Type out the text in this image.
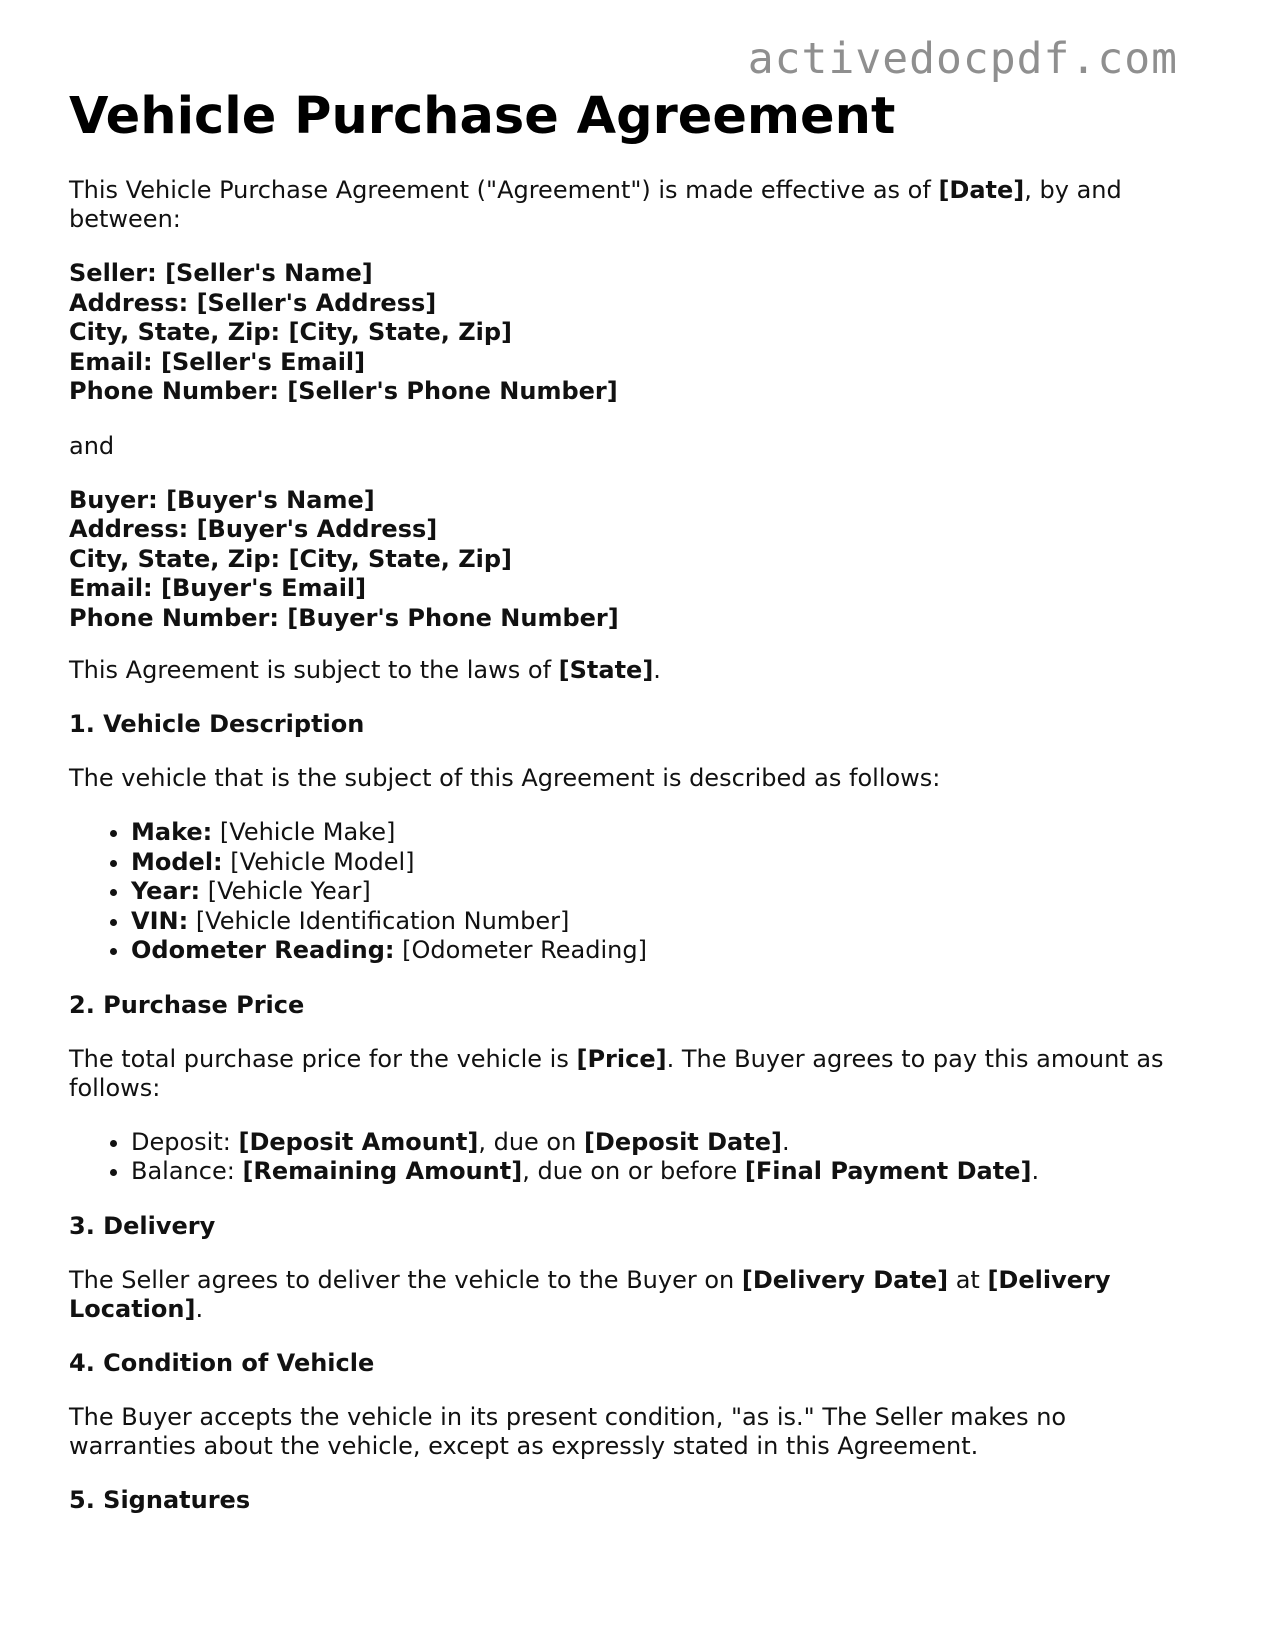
activedocpdf.com
Vehicle Purchase Agreement

This Vehicle Purchase Agreement ("Agreement") is made effective as of [Date], by and between:

Seller: [Seller's Name]

Address: [Seller's Address]

City, State, Zip: [City, State, Zip]

Email: [Seller's Email]

Phone Number: [Seller's Phone Number]

and

Buyer: [Buyer's Name]

Address: [Buyer's Address]

City, State, Zip: [City, State, Zip]

Email: [Buyer's Email]

Phone Number: [Buyer's Phone Number]

This Agreement is subject to the laws of [State].

1. Vehicle Description

The vehicle that is the subject of this Agreement is described as follows:

• Make: [Vehicle Make]
• Model: [Vehicle Model]
• Year: [Vehicle Year]
• VIN: [Vehicle Identification Number]
• Odometer Reading: [Odometer Reading]
2. Purchase Price

The total purchase price for the vehicle is [Price]. The Buyer agrees to pay this amount as follows:

• Deposit: [Deposit Amount], due on [Deposit Date].
• Balance: [Remaining Amount], due on or before [Final Payment Date].
3. Delivery

The Seller agrees to deliver the vehicle to the Buyer on [Delivery Date] at [Delivery Location].

4. Condition of Vehicle

The Buyer accepts the vehicle in its present condition, "as is." The Seller makes no warranties about the vehicle, except as expressly stated in this Agreement.

5. Signatures
